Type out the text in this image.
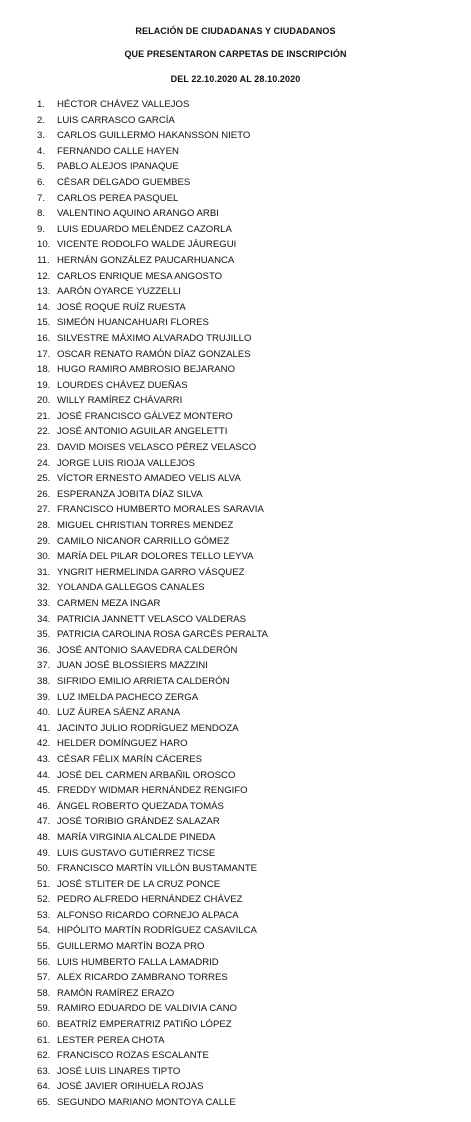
RELACIÓN DE CIUDADANAS Y CIUDADANOS
QUE PRESENTARON CARPETAS DE INSCRIPCIÓN
DEL 22.10.2020 AL 28.10.2020
1.	HÉCTOR CHÁVEZ VALLEJOS
2.	LUIS CARRASCO GARCÍA
3.	CARLOS GUILLERMO HAKANSSON NIETO
4.	FERNANDO CALLE HAYEN
5.	PABLO ALEJOS IPANAQUE
6.	CÉSAR DELGADO GUEMBES
7.	CARLOS PEREA PASQUEL
8.	VALENTINO AQUINO ARANGO ARBI
9.	LUIS EDUARDO MELÉNDEZ CAZORLA
10. VICENTE RODOLFO WALDE JÁUREGUI
11. HERNÁN GONZÁLEZ PAUCARHUANCA
12. CARLOS ENRIQUE MESA ANGOSTO
13. AARÓN OYARCE YUZZELLI
14. JOSÉ ROQUE RUÍZ RUESTA
15. SIMEÓN HUANCAHUARI FLORES
16. SILVESTRE MÁXIMO ALVARADO TRUJILLO
17. OSCAR RENATO RAMÓN DÍAZ GONZALES
18. HUGO RAMIRO AMBROSIO BEJARANO
19. LOURDES CHÁVEZ DUEÑAS
20. WILLY RAMÍREZ CHÁVARRI
21. JOSÉ FRANCISCO GÁLVEZ MONTERO
22. JOSÉ ANTONIO AGUILAR ANGELETTI
23. DAVID MOISES VELASCO PÉREZ VELASCO
24. JORGE LUIS RIOJA VALLEJOS
25. VÍCTOR ERNESTO AMADEO VELIS ALVA
26. ESPERANZA JOBITA DÍAZ SILVA
27. FRANCISCO HUMBERTO MORALES SARAVIA
28. MIGUEL CHRISTIAN TORRES MENDEZ
29. CAMILO NICANOR CARRILLO GÓMEZ
30. MARÍA DEL PILAR DOLORES TELLO LEYVA
31. YNGRIT HERMELINDA GARRO VÁSQUEZ
32. YOLANDA GALLEGOS CANALES
33. CARMEN MEZA INGAR
34. PATRICIA JANNETT VELASCO VALDERAS
35. PATRICIA CAROLINA ROSA GARCÉS PERALTA
36. JOSÉ ANTONIO SAAVEDRA CALDERÓN
37. JUAN JOSÉ BLOSSIERS MAZZINI
38. SIFRIDO EMILIO ARRIETA CALDERÓN
39. LUZ IMELDA PACHECO ZERGA
40. LUZ ÁUREA SÁENZ ARANA
41. JACINTO JULIO RODRÍGUEZ MENDOZA
42. HELDER DOMÍNGUEZ HARO
43. CÉSAR FÉLIX MARÍN CÁCERES
44. JOSÉ DEL CARMEN ARBAÑIL OROSCO
45. FREDDY WIDMAR HERNÁNDEZ RENGIFO
46. ÁNGEL ROBERTO QUEZADA TOMÁS
47. JOSÉ TORIBIO GRÁNDEZ SALAZAR
48. MARÍA VIRGINIA ALCALDE PINEDA
49. LUIS GUSTAVO GUTIÉRREZ TICSE
50. FRANCISCO MARTÍN VILLÓN BUSTAMANTE
51. JOSÉ STLITER DE LA CRUZ PONCE
52. PEDRO ALFREDO HERNÁNDEZ CHÁVEZ
53. ALFONSO RICARDO CORNEJO ALPACA
54. HIPÓLITO MARTÍN RODRÍGUEZ CASAVILCA
55. GUILLERMO MARTÍN BOZA PRO
56. LUIS HUMBERTO FALLA LAMADRID
57. ALEX RICARDO ZAMBRANO TORRES
58. RAMÓN RAMÍREZ ERAZO
59. RAMIRO EDUARDO DE VALDIVIA CANO
60. BEATRÍZ EMPERATRIZ PATIÑO LÓPEZ
61. LESTER PEREA CHOTA
62. FRANCISCO ROZAS ESCALANTE
63. JOSÉ LUIS LINARES TIPTO
64. JOSÉ JAVIER ORIHUELA ROJAS
65. SEGUNDO MARIANO MONTOYA CALLE
